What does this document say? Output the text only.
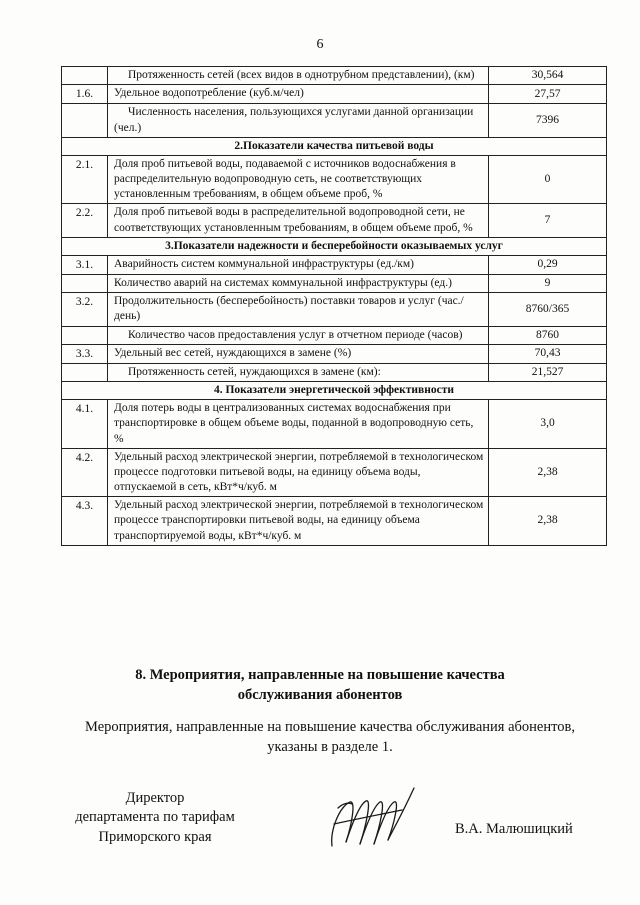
6
	Протяженность сетей (всех видов в однотрубном представлении), (км)	30,564
1.6.	Удельное водопотребление (куб.м/чел)	27,57
	Численность населения, пользующихся услугами данной организации (чел.)	7396
2.Показатели качества питьевой воды		
2.1.	Доля проб питьевой воды, подаваемой с источников водоснабжения в распределительную водопроводную сеть, не соответствующих установленным требованиям, в общем объеме проб, %	0
2.2.	Доля проб питьевой воды в распределительной водопроводной сети, не соответствующих установленным требованиям, в общем объеме проб, %	7
3.Показатели надежности и бесперебойности оказываемых услуг		
3.1.	Аварийность систем коммунальной инфраструктуры (ед./км)	0,29
	Количество аварий на системах коммунальной инфраструктуры (ед.)	9
3.2.	Продолжительность (бесперебойность) поставки товаров и услуг (час./день)	8760/365
	Количество часов предоставления услуг в отчетном периоде (часов)	8760
3.3.	Удельный вес сетей, нуждающихся в замене (%)	70,43
	Протяженность сетей, нуждающихся в замене (км):	21,527
4. Показатели энергетической эффективности		
4.1.	Доля потерь воды в централизованных системах водоснабжения при транспортировке в общем объеме воды, поданной в водопроводную сеть, %	3,0
4.2.	Удельный расход электрической энергии, потребляемой в технологическом процессе подготовки питьевой воды, на единицу объема воды, отпускаемой в сеть, кВт*ч/куб. м	2,38
4.3.	Удельный расход электрической энергии, потребляемой в технологическом процессе транспортировки питьевой воды, на единицу объема транспортируемой воды, кВт*ч/куб. м	2,38
8. Мероприятия, направленные на повышение качества
обслуживания абонентов
Мероприятия, направленные на повышение качества обслуживания абонентов,
указаны в разделе 1.
Директор
департамента по тарифам
Приморского края	В.А. Малюшицкий
